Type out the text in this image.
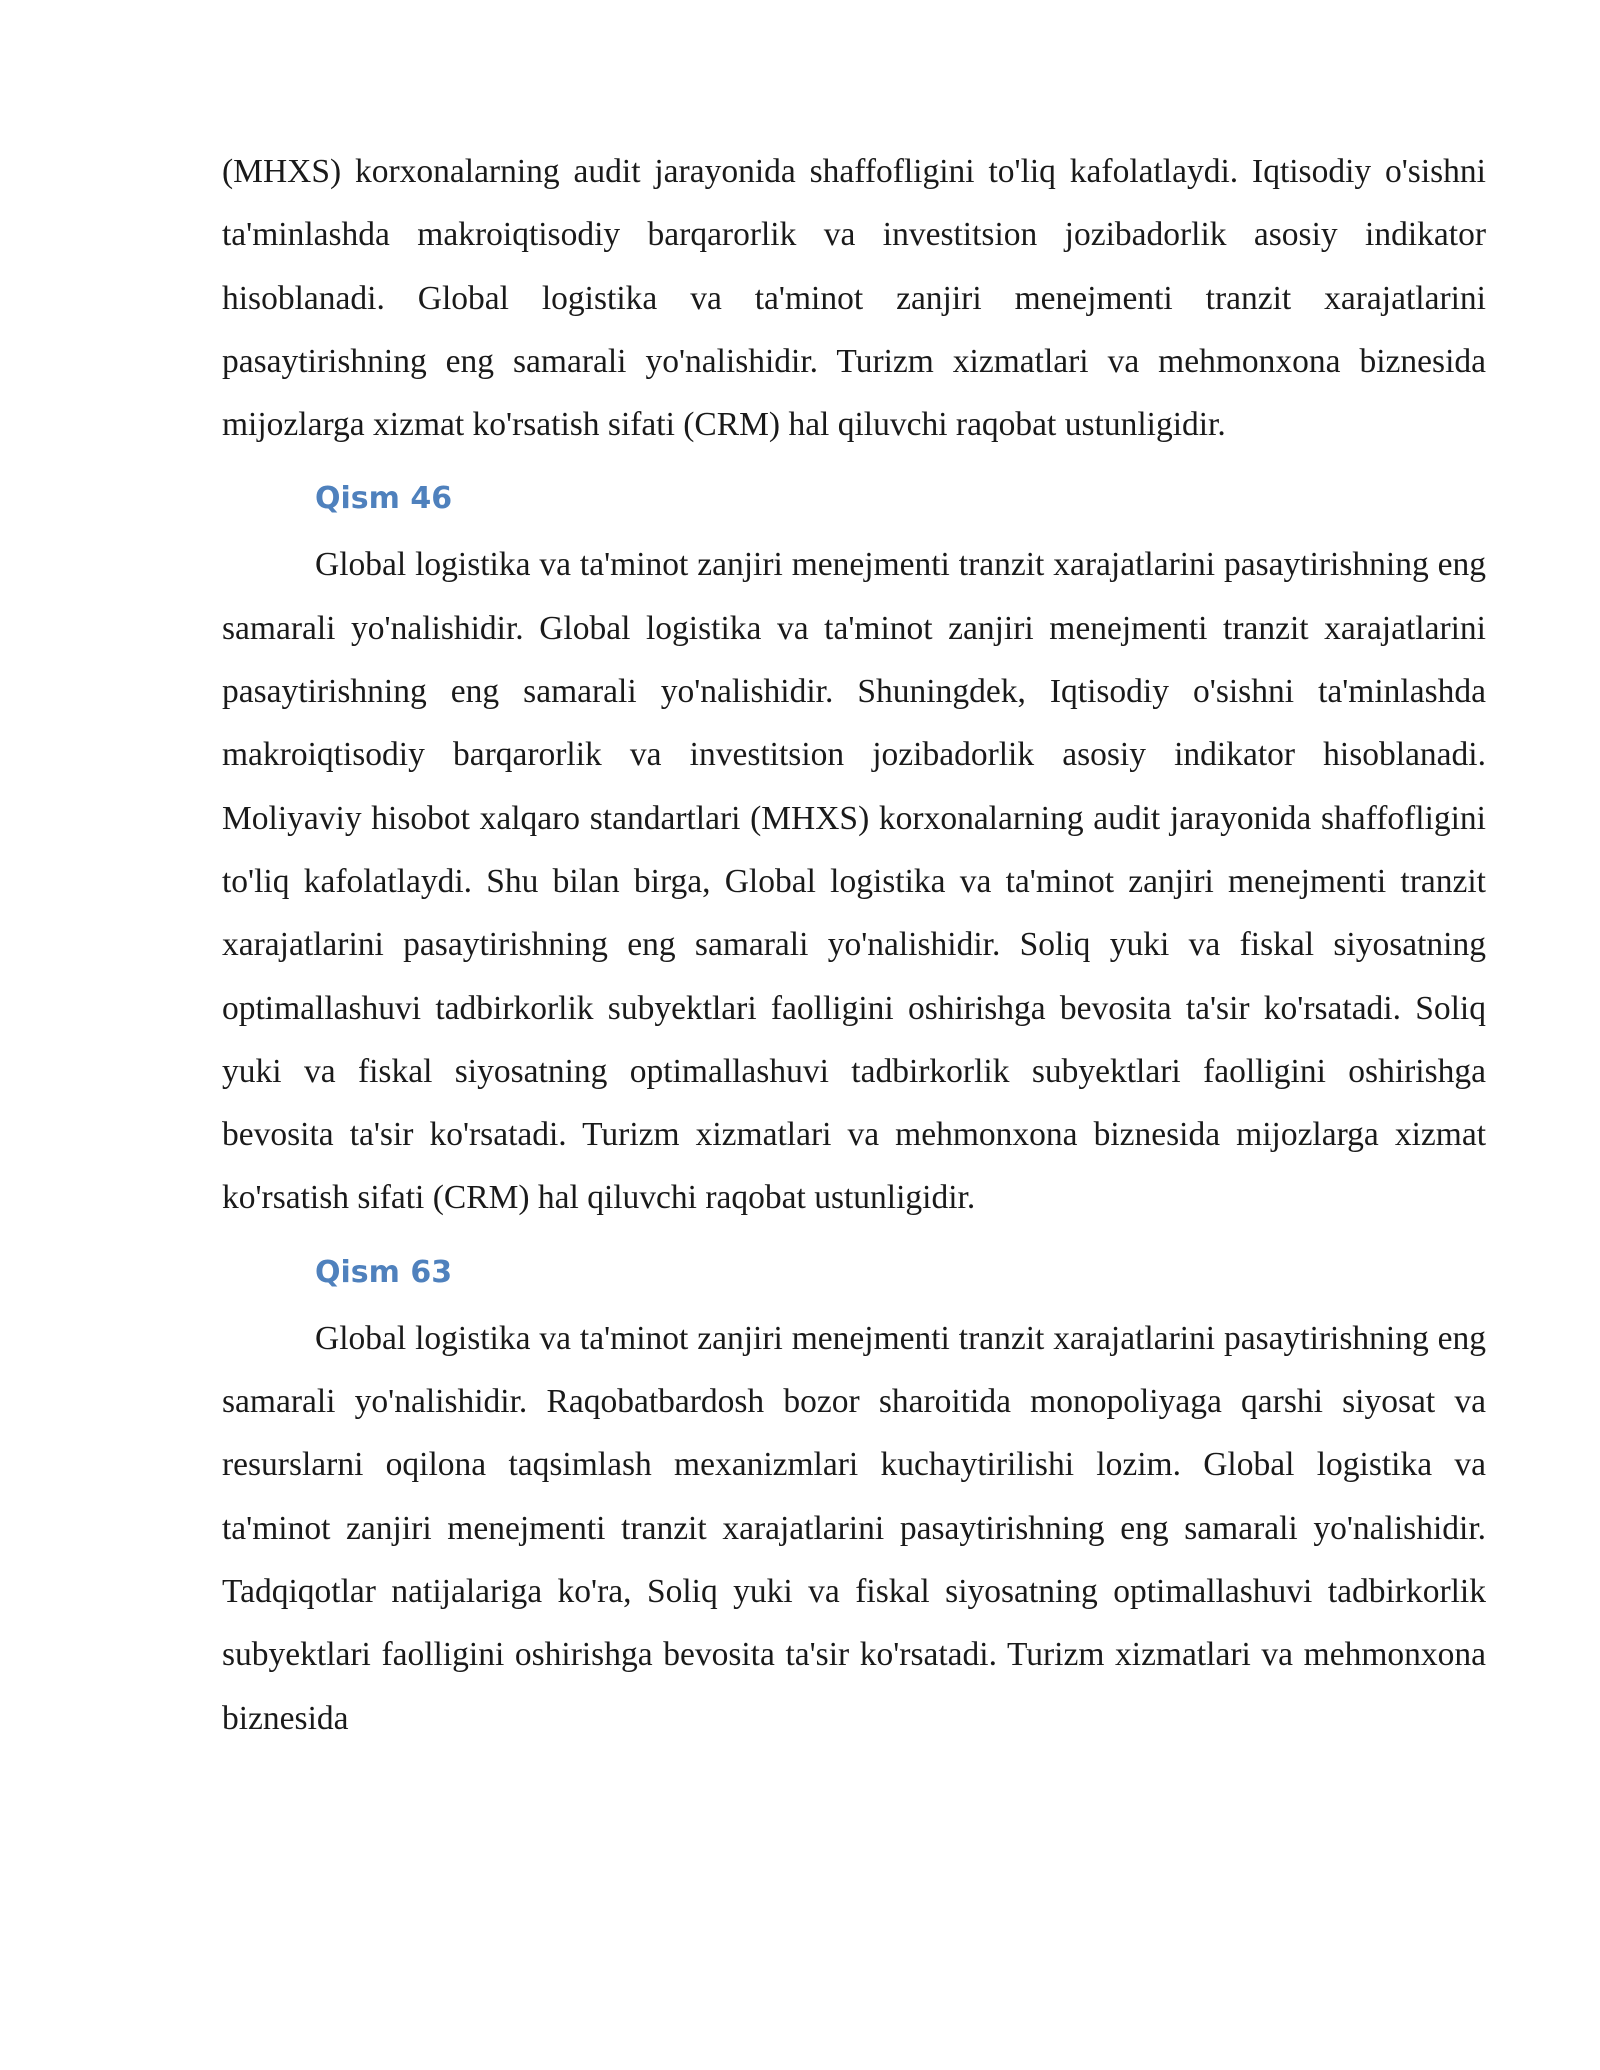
(MHXS) korxonalarning audit jarayonida shaffofligini to'liq kafolatlaydi. Iqtisodiy o'sishni ta'minlashda makroiqtisodiy barqarorlik va investitsion jozibadorlik asosiy indikator hisoblanadi. Global logistika va ta'minot zanjiri menejmenti tranzit xarajatlarini pasaytirishning eng samarali yo'nalishidir. Turizm xizmatlari va mehmonxona biznesida mijozlarga xizmat ko'rsatish sifati (CRM) hal qiluvchi raqobat ustunligidir.

Qism 46

Global logistika va ta'minot zanjiri menejmenti tranzit xarajatlarini pasaytirishning eng samarali yo'nalishidir. Global logistika va ta'minot zanjiri menejmenti tranzit xarajatlarini pasaytirishning eng samarali yo'nalishidir. Shuningdek, Iqtisodiy o'sishni ta'minlashda makroiqtisodiy barqarorlik va investitsion jozibadorlik asosiy indikator hisoblanadi. Moliyaviy hisobot xalqaro standartlari (MHXS) korxonalarning audit jarayonida shaffofligini to'liq kafolatlaydi. Shu bilan birga, Global logistika va ta'minot zanjiri menejmenti tranzit xarajatlarini pasaytirishning eng samarali yo'nalishidir. Soliq yuki va fiskal siyosatning optimallashuvi tadbirkorlik subyektlari faolligini oshirishga bevosita ta'sir ko'rsatadi. Soliq yuki va fiskal siyosatning optimallashuvi tadbirkorlik subyektlari faolligini oshirishga bevosita ta'sir ko'rsatadi. Turizm xizmatlari va mehmonxona biznesida mijozlarga xizmat ko'rsatish sifati (CRM) hal qiluvchi raqobat ustunligidir.

Qism 63

Global logistika va ta'minot zanjiri menejmenti tranzit xarajatlarini pasaytirishning eng samarali yo'nalishidir. Raqobatbardosh bozor sharoitida monopoliyaga qarshi siyosat va resurslarni oqilona taqsimlash mexanizmlari kuchaytirilishi lozim. Global logistika va ta'minot zanjiri menejmenti tranzit xarajatlarini pasaytirishning eng samarali yo'nalishidir. Tadqiqotlar natijalariga ko'ra, Soliq yuki va fiskal siyosatning optimallashuvi tadbirkorlik subyektlari faolligini oshirishga bevosita ta'sir ko'rsatadi. Turizm xizmatlari va mehmonxona biznesida
